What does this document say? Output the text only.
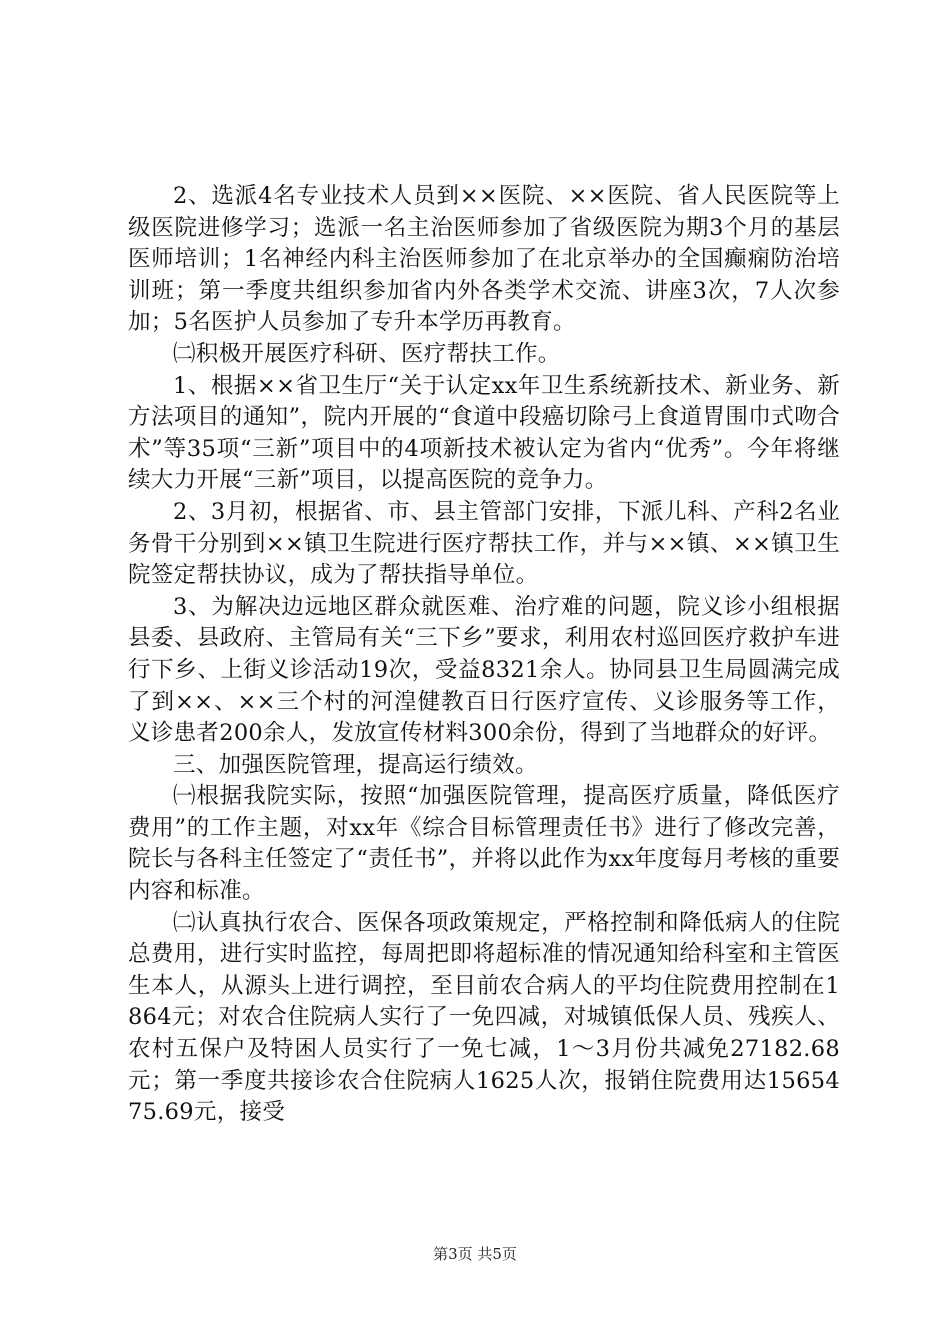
2、选派4名专业技术人员到××医院、××医院、省人民医院等上级医院进修学习；选派一名主治医师参加了省级医院为期3个月的基层医师培训；1名神经内科主治医师参加了在北京举办的全国癫痫防治培训班；第一季度共组织参加省内外各类学术交流、讲座3次，7人次参加；5名医护人员参加了专升本学历再教育。

㈡积极开展医疗科研、医疗帮扶工作。

1、根据××省卫生厅“关于认定xx年卫生系统新技术、新业务、新方法项目的通知”，院内开展的“食道中段癌切除弓上食道胃围巾式吻合术”等35项“三新”项目中的4项新技术被认定为省内“优秀”。今年将继续大力开展“三新”项目，以提高医院的竞争力。

2、3月初，根据省、市、县主管部门安排，下派儿科、产科2名业务骨干分别到××镇卫生院进行医疗帮扶工作，并与××镇、××镇卫生院签定帮扶协议，成为了帮扶指导单位。

3、为解决边远地区群众就医难、治疗难的问题，院义诊小组根据县委、县政府、主管局有关“三下乡”要求，利用农村巡回医疗救护车进行下乡、上街义诊活动19次，受益8321余人。协同县卫生局圆满完成了到××、××三个村的河湟健教百日行医疗宣传、义诊服务等工作，义诊患者200余人，发放宣传材料300余份，得到了当地群众的好评。

三、加强医院管理，提高运行绩效。

㈠根据我院实际，按照“加强医院管理，提高医疗质量，降低医疗费用”的工作主题，对xx年《综合目标管理责任书》进行了修改完善，院长与各科主任签定了“责任书”，并将以此作为xx年度每月考核的重要内容和标准。

㈡认真执行农合、医保各项政策规定，严格控制和降低病人的住院总费用，进行实时监控，每周把即将超标准的情况通知给科室和主管医生本人，从源头上进行调控，至目前农合病人的平均住院费用控制在1864元；对农合住院病人实行了一免四减，对城镇低保人员、残疾人、农村五保户及特困人员实行了一免七减，1～3月份共减免27182.68元；第一季度共接诊农合住院病人1625人次，报销住院费用达1565475.69元，接受

第3页 共5页
